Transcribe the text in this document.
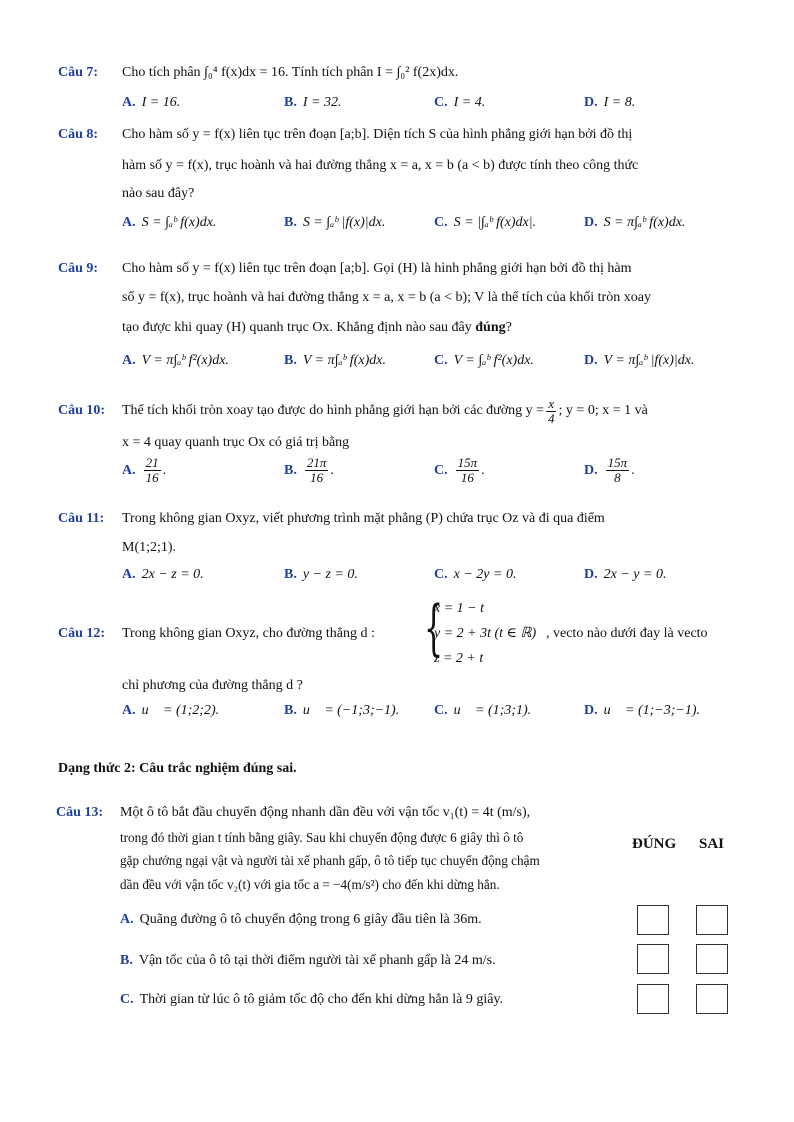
Câu 7: Cho tích phân ∫₀⁴ f(x)dx = 16. Tính tích phân I = ∫₀² f(2x)dx.
A. I = 16.	B. I = 32.	C. I = 4.	D. I = 8.
Câu 8: Cho hàm số y = f(x) liên tục trên đoạn [a;b]. Diện tích S của hình phẳng giới hạn bởi đồ thị
hàm số y = f(x), trục hoành và hai đường thẳng x = a, x = b (a < b) được tính theo công thức
nào sau đây?
A. S = ∫ₐᵇ f(x)dx.	B. S = ∫ₐᵇ |f(x)|dx.	C. S = |∫ₐᵇ f(x)dx|.	D. S = π∫ₐᵇ f(x)dx.
Câu 9: Cho hàm số y = f(x) liên tục trên đoạn [a;b]. Gọi (H) là hình phẳng giới hạn bởi đồ thị hàm
số y = f(x), trục hoành và hai đường thẳng x = a, x = b (a < b); V là thể tích của khối tròn xoay
tạo được khi quay (H) quanh trục Ox. Khẳng định nào sau đây đúng?
A. V = π∫ₐᵇ f²(x)dx.	B. V = π∫ₐᵇ f(x)dx.	C. V = ∫ₐᵇ f²(x)dx.	D. V = π∫ₐᵇ |f(x)|dx.
Câu 10: Thể tích khối tròn xoay tạo được do hình phẳng giới hạn bởi các đường $y = \frac{x}{4}$ ; y = 0; x = 1 và
x = 4 quay quanh trục Ox có giá trị bằng
A. $\frac{21}{16}$ .	B. $\frac{21\pi}{16}$ .	C. $\frac{15\pi}{16}$ .	D. $\frac{15\pi}{8}$ .
Câu 11: Trong không gian Oxyz, viết phương trình mặt phẳng (P) chứa trục Oz và đi qua điểm
M(1;2;1).
A. 2x − z = 0.	B. y − z = 0.	C. x − 2y = 0.	D. 2x − y = 0.
Câu 12: Trong không gian Oxyz, cho đường thẳng d : {
x = 1 − t
y = 2 + 3t (t ∈ ℝ)
z = 2 + t
, vecto nào dưới đay là vecto
chỉ phương của đường thẳng d ?
A. u⃗ = (1;2;2).	B. u⃗ = (−1;3;−1). C. u⃗ = (1;3;1).	D. u⃗ = (1;−3;−1).
Dạng thức 2: Câu trắc nghiệm đúng sai.
Câu 13: Một ô tô bắt đầu chuyển động nhanh dần đều với vận tốc v₁(t) = 4t (m/s),
trong đó thời gian t tính bằng giây. Sau khi chuyển động được 6 giây thì ô tô
gặp chướng ngại vật và người tài xế phanh gấp, ô tô tiếp tục chuyển động chậm
dần đều với vận tốc v₂(t) với gia tốc a = −4(m/s²) cho đến khi dừng hẳn.
ĐÚNG SAI
A. Quãng đường ô tô chuyển động trong 6 giây đầu tiên là 36m.
B. Vận tốc của ô tô tại thời điểm người tài xế phanh gấp là 24 m/s.
C. Thời gian từ lúc ô tô giảm tốc độ cho đến khi dừng hẳn là 9 giây.
